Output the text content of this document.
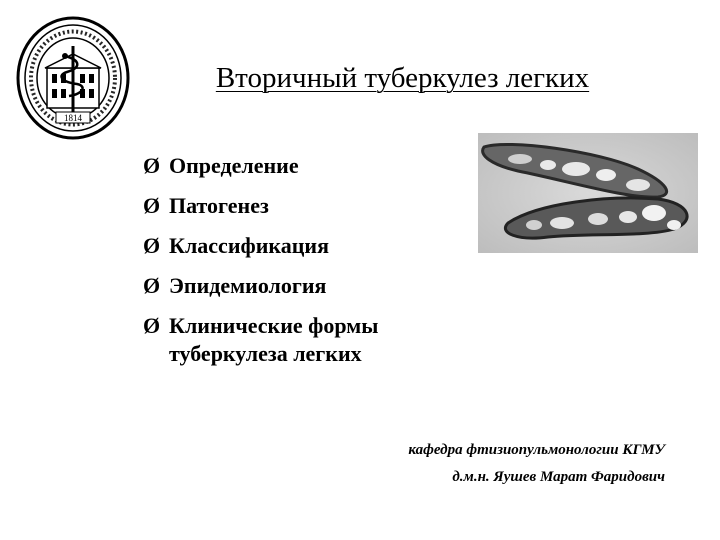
1814
Вторичный туберкулез легких
Ø Определение
Ø Патогенез
Ø Классификация
Ø Эпидемиология
Ø Клинические формы
туберкулеза легких
кафедра фтизиопульмонологии КГМУ
д.м.н. Яушев Марат Фаридович
